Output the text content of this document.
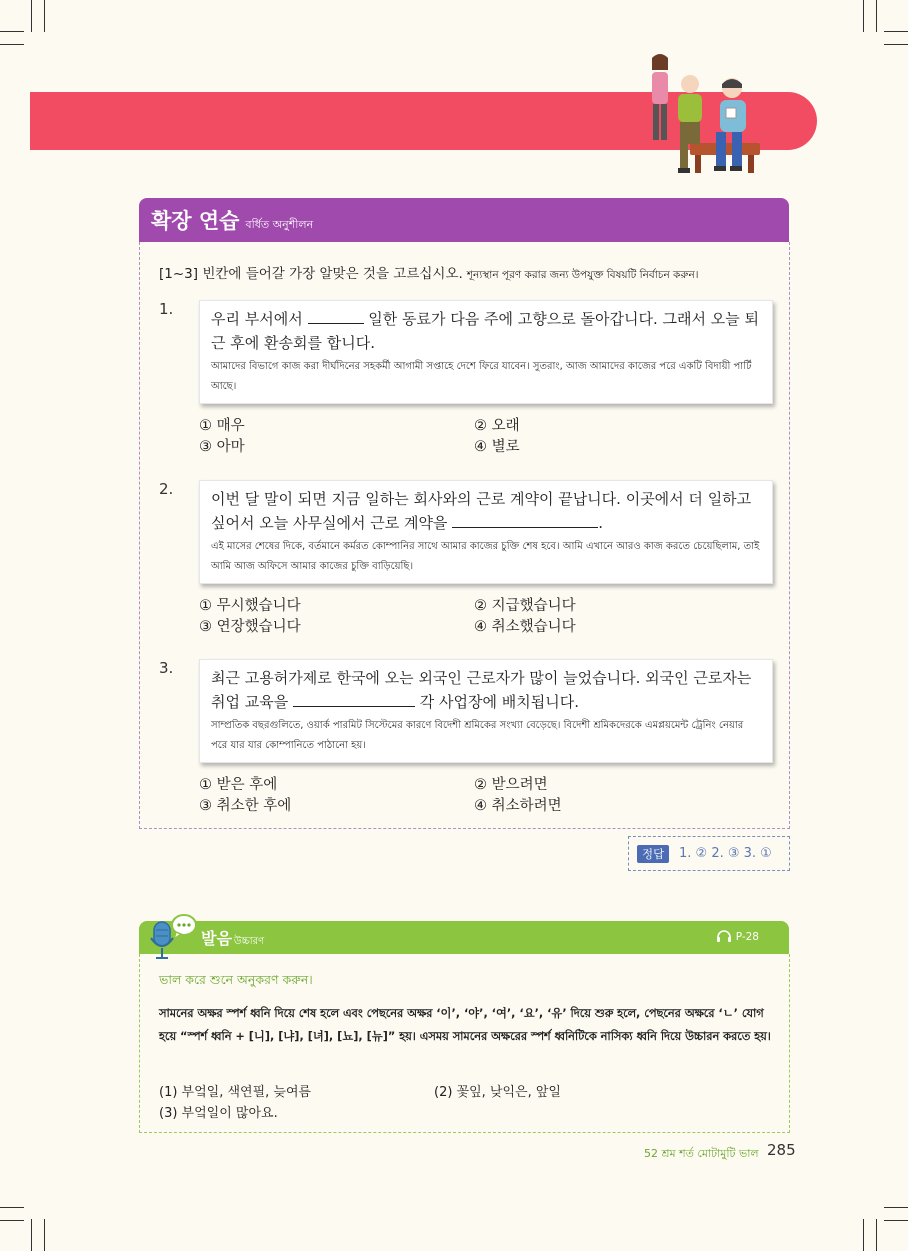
확장 연습 বর্ধিত অনুশীলন
[1~3] 빈칸에 들어갈 가장 알맞은 것을 고르십시오. শূন্যস্থান পূরণ করার জন্য উপযুক্ত বিষয়টি নির্বাচন করুন।
1.
우리 부서에서	일한 동료가 다음 주에 고향으로 돌아갑니다. 그래서 오늘 퇴근 후에 환송회를 합니다.
আমাদের বিভাগে কাজ করা দীর্ঘদিনের সহকর্মী আগামী সপ্তাহে দেশে ফিরে যাবেন। সুতরাং, আজ আমাদের কাজের পরে একটি বিদায়ী পার্টি আছে।
① 매우	② 오래
③ 아마	④ 별로
2.
이번 달 말이 되면 지금 일하는 회사와의 근로 계약이 끝납니다. 이곳에서 더 일하고 싶어서 오늘 사무실에서 근로 계약을	.
এই মাসের শেষের দিকে, বর্তমানে কর্মরত কোম্পানির সাথে আমার কাজের চুক্তি শেষ হবে। আমি এখানে আরও কাজ করতে চেয়েছিলাম, তাই আমি আজ অফিসে আমার কাজের চুক্তি বাড়িয়েছি।
① 무시했습니다	② 지급했습니다
③ 연장했습니다	④ 취소했습니다
3.
최근 고용허가제로 한국에 오는 외국인 근로자가 많이 늘었습니다. 외국인 근로자는 취업 교육을	각 사업장에 배치됩니다.
সাম্প্রতিক বছরগুলিতে, ওয়ার্ক পারমিট সিস্টেমের কারণে বিদেশী শ্রমিকের সংখ্যা বেড়েছে। বিদেশী শ্রমিকদেরকে এমপ্লয়মেন্ট ট্রেনিং নেয়ার পরে যার যার কোম্পানিতে পাঠানো হয়।
① 받은 후에	② 받으려면
③ 취소한 후에	④ 취소하려면
정답	1. ② 2. ③ 3. ①
발음 উচ্চারণ	P-28
ভাল করে শুনে অনুকরণ করুন।
সামনের অক্ষর স্পর্শ ধ্বনি দিয়ে শেষ হলে এবং পেছনের অক্ষর ‘이’, ‘야’, ‘여’, ‘요’, ‘유’ দিয়ে শুরু হলে, পেছনের অক্ষরে ‘ㄴ’ যোগ হয়ে “স্পর্শ ধ্বনি + [니], [냐], [녀], [뇨], [뉴]” হয়। এসময় সামনের অক্ষরের স্পর্শ ধ্বনিটিকে নাসিক্য ধ্বনি দিয়ে উচ্চারন করতে হয়।
(1) 부엌일, 색연필, 늦여름	(2) 꽃잎, 낮익은, 앞일
(3) 부엌일이 많아요.
52 শ্রম শর্ত মোটামুটি ভাল 285
